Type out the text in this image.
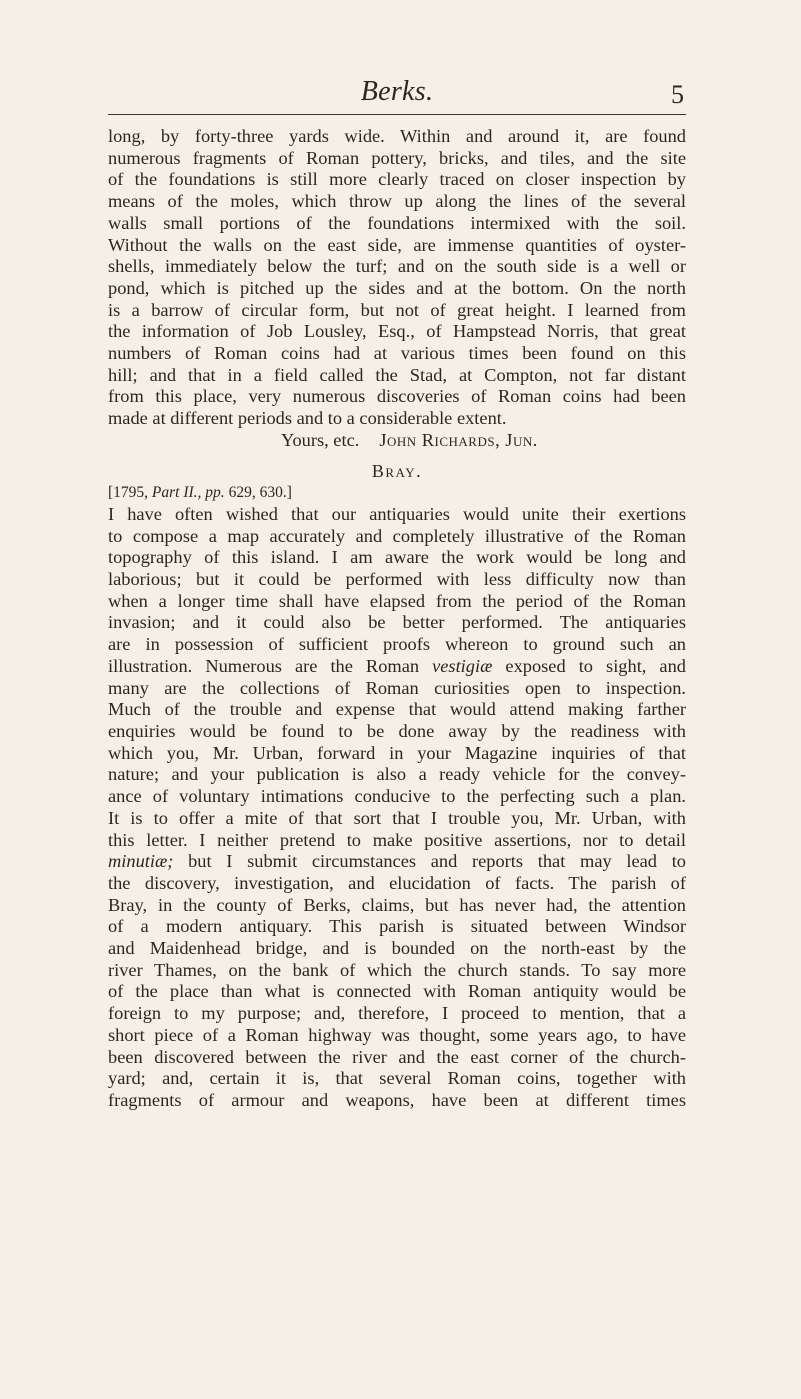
Berks.	5
long, by forty-three yards wide. Within and around it, are found
numerous fragments of Roman pottery, bricks, and tiles, and the site
of the foundations is still more clearly traced on closer inspection by
means of the moles, which throw up along the lines of the several
walls small portions of the foundations intermixed with the soil.
Without the walls on the east side, are immense quantities of oyster-
shells, immediately below the turf; and on the south side is a well or
pond, which is pitched up the sides and at the bottom. On the north
is a barrow of circular form, but not of great height. I learned from
the information of Job Lousley, Esq., of Hampstead Norris, that great
numbers of Roman coins had at various times been found on this
hill; and that in a field called the Stad, at Compton, not far distant
from this place, very numerous discoveries of Roman coins had been
made at different periods and to a considerable extent.
Yours, etc. John Richards, Jun.
Bray.
[1795, Part II., pp. 629, 630.]
I have often wished that our antiquaries would unite their exertions
to compose a map accurately and completely illustrative of the Roman
topography of this island. I am aware the work would be long and
laborious; but it could be performed with less difficulty now than
when a longer time shall have elapsed from the period of the Roman
invasion; and it could also be better performed. The antiquaries
are in possession of sufficient proofs whereon to ground such an
illustration. Numerous are the Roman vestigiæ exposed to sight, and
many are the collections of Roman curiosities open to inspection.
Much of the trouble and expense that would attend making farther
enquiries would be found to be done away by the readiness with
which you, Mr. Urban, forward in your Magazine inquiries of that
nature; and your publication is also a ready vehicle for the convey-
ance of voluntary intimations conducive to the perfecting such a plan.
It is to offer a mite of that sort that I trouble you, Mr. Urban, with
this letter. I neither pretend to make positive assertions, nor to detail
minutiæ; but I submit circumstances and reports that may lead to
the discovery, investigation, and elucidation of facts. The parish of
Bray, in the county of Berks, claims, but has never had, the attention
of a modern antiquary. This parish is situated between Windsor
and Maidenhead bridge, and is bounded on the north-east by the
river Thames, on the bank of which the church stands. To say more
of the place than what is connected with Roman antiquity would be
foreign to my purpose; and, therefore, I proceed to mention, that a
short piece of a Roman highway was thought, some years ago, to have
been discovered between the river and the east corner of the church-
yard; and, certain it is, that several Roman coins, together with
fragments of armour and weapons, have been at different times
